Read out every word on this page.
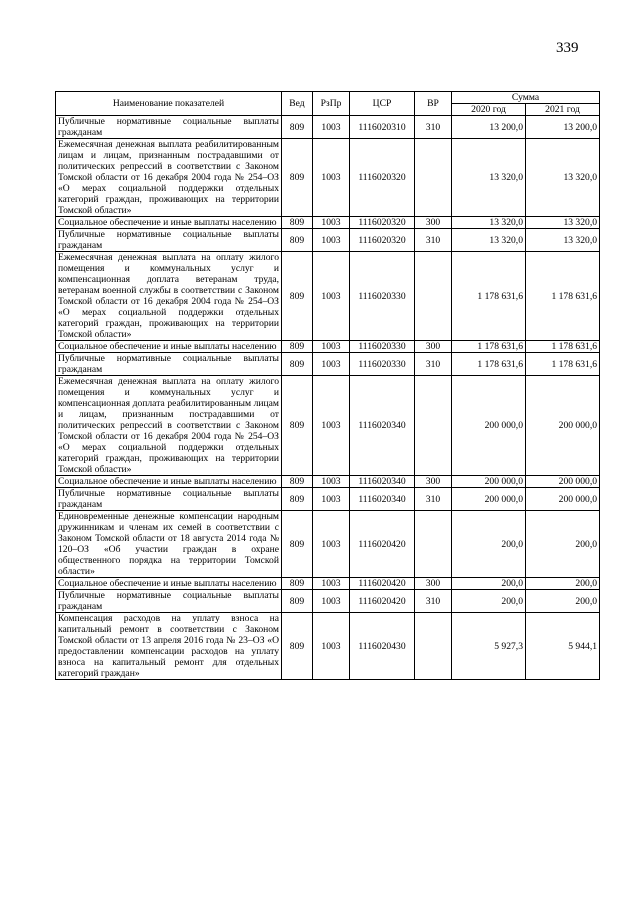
339
Наименование показателей	Вед	РзПр	ЦСР	ВР	Сумма	
					2020 год	2021 год
Публичные нормативные социальные выплаты гражданам	809	1003	1116020310	310	13 200,0	13 200,0
Ежемесячная денежная выплата реабилитированным лицам и лицам, признанным пострадавшими от политических репрессий в соответствии с Законом Томской области от 16 декабря 2004 года № 254–ОЗ «О мерах социальной поддержки отдельных категорий граждан, проживающих на территории Томской области»	809	1003	1116020320		13 320,0	13 320,0
Социальное обеспечение и иные выплаты населению	809	1003	1116020320	300	13 320,0	13 320,0
Публичные нормативные социальные выплаты гражданам	809	1003	1116020320	310	13 320,0	13 320,0
Ежемесячная денежная выплата на оплату жилого помещения и коммунальных услуг и компенсационная доплата ветеранам труда, ветеранам военной службы в соответствии с Законом Томской области от 16 декабря 2004 года № 254–ОЗ «О мерах социальной поддержки отдельных категорий граждан, проживающих на территории Томской области»	809	1003	1116020330		1 178 631,6	1 178 631,6
Социальное обеспечение и иные выплаты населению	809	1003	1116020330	300	1 178 631,6	1 178 631,6
Публичные нормативные социальные выплаты гражданам	809	1003	1116020330	310	1 178 631,6	1 178 631,6
Ежемесячная денежная выплата на оплату жилого помещения и коммунальных услуг и компенсационная доплата реабилитированным лицам и лицам, признанным пострадавшими от политических репрессий в соответствии с Законом Томской области от 16 декабря 2004 года № 254–ОЗ «О мерах социальной поддержки отдельных категорий граждан, проживающих на территории Томской области»	809	1003	1116020340		200 000,0	200 000,0
Социальное обеспечение и иные выплаты населению	809	1003	1116020340	300	200 000,0	200 000,0
Публичные нормативные социальные выплаты гражданам	809	1003	1116020340	310	200 000,0	200 000,0
Единовременные денежные компенсации народным дружинникам и членам их семей в соответствии с Законом Томской области от 18 августа 2014 года № 120–ОЗ «Об участии граждан в охране общественного порядка на территории Томской области»	809	1003	1116020420		200,0	200,0
Социальное обеспечение и иные выплаты населению	809	1003	1116020420	300	200,0	200,0
Публичные нормативные социальные выплаты гражданам	809	1003	1116020420	310	200,0	200,0
Компенсация расходов на уплату взноса на капитальный ремонт в соответствии с Законом Томской области от 13 апреля 2016 года № 23–ОЗ «О предоставлении компенсации расходов на уплату взноса на капитальный ремонт для отдельных категорий граждан»	809	1003	1116020430		5 927,3	5 944,1
